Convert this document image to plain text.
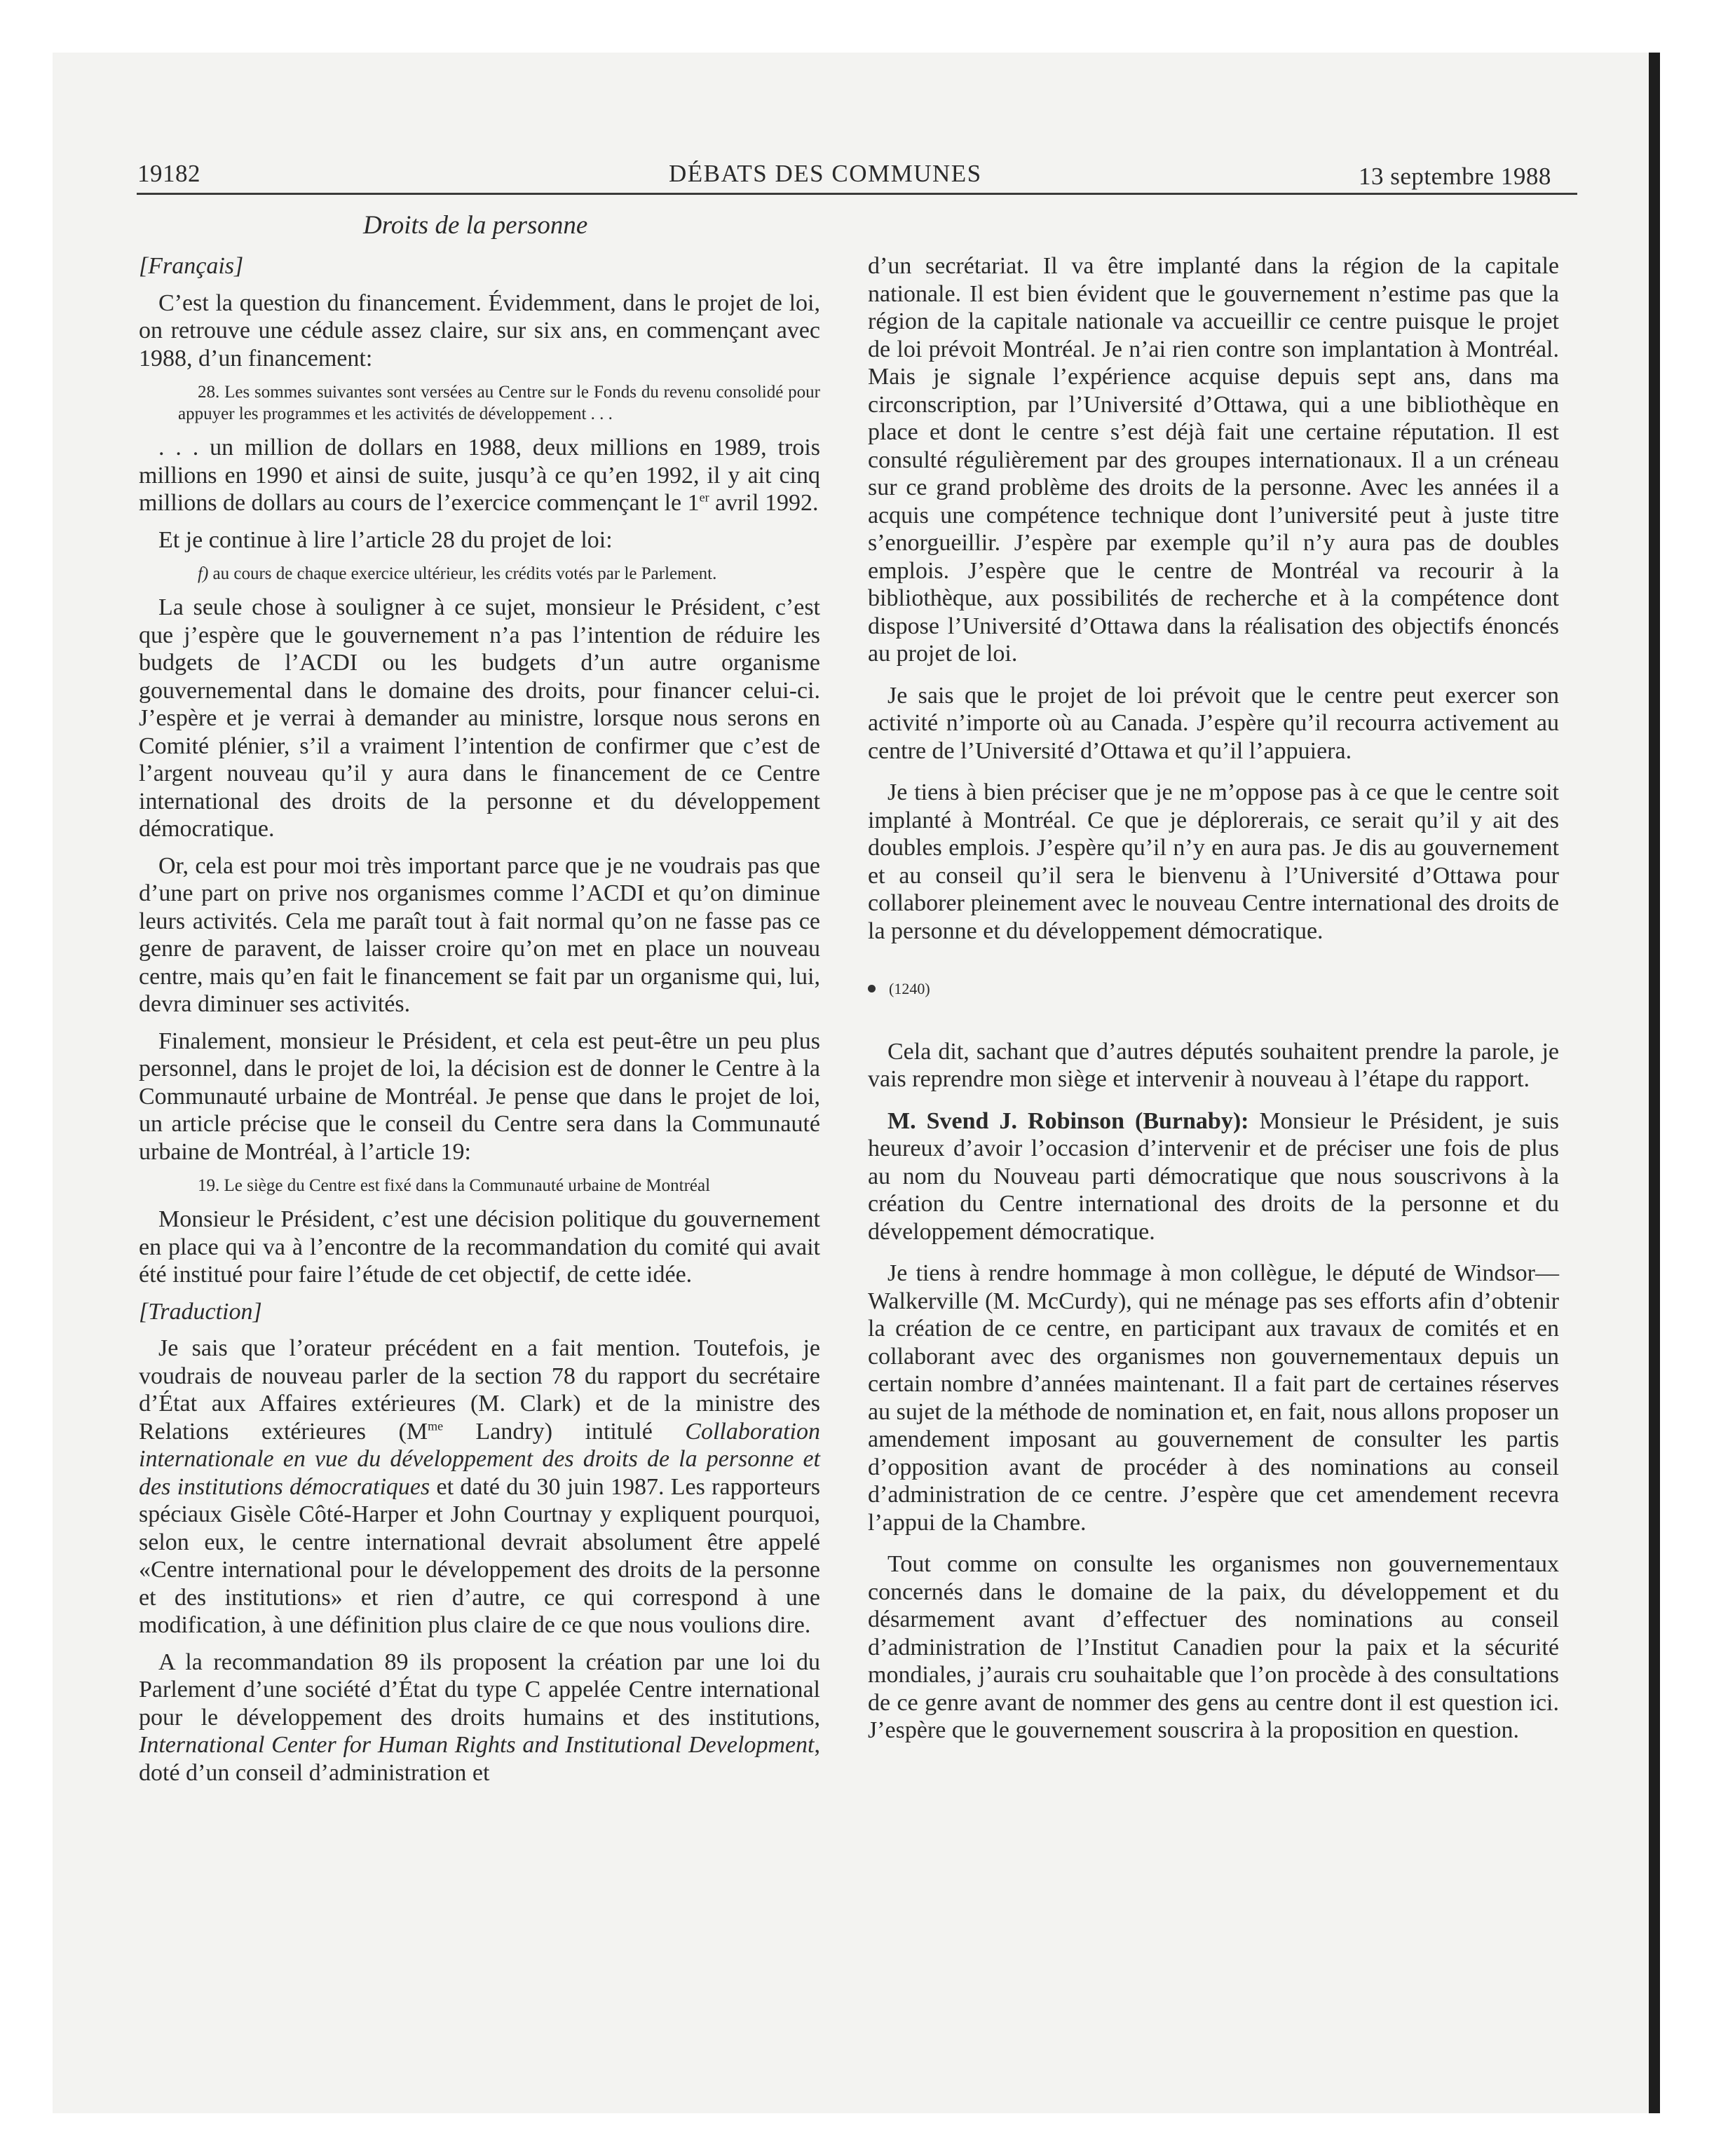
19182	DÉBATS DES COMMUNES	13 septembre 1988
Droits de la personne

[Français]

C’est la question du financement. Évidemment, dans le projet de loi, on retrouve une cédule assez claire, sur six ans, en commençant avec 1988, d’un financement:

28. Les sommes suivantes sont versées au Centre sur le Fonds du revenu consolidé pour appuyer les programmes et les activités de développement . . .

. . . un million de dollars en 1988, deux millions en 1989, trois millions en 1990 et ainsi de suite, jusqu’à ce qu’en 1992, il y ait cinq millions de dollars au cours de l’exercice commençant le 1er avril 1992.

Et je continue à lire l’article 28 du projet de loi:

f) au cours de chaque exercice ultérieur, les crédits votés par le Parlement.

La seule chose à souligner à ce sujet, monsieur le Président, c’est que j’espère que le gouvernement n’a pas l’intention de réduire les budgets de l’ACDI ou les budgets d’un autre organisme gouvernemental dans le domaine des droits, pour financer celui-ci. J’espère et je verrai à demander au ministre, lorsque nous serons en Comité plénier, s’il a vraiment l’intention de confirmer que c’est de l’argent nouveau qu’il y aura dans le financement de ce Centre international des droits de la personne et du développement démocratique.

Or, cela est pour moi très important parce que je ne voudrais pas que d’une part on prive nos organismes comme l’ACDI et qu’on diminue leurs activités. Cela me paraît tout à fait normal qu’on ne fasse pas ce genre de paravent, de laisser croire qu’on met en place un nouveau centre, mais qu’en fait le financement se fait par un organisme qui, lui, devra diminuer ses activités.

Finalement, monsieur le Président, et cela est peut-être un peu plus personnel, dans le projet de loi, la décision est de donner le Centre à la Communauté urbaine de Montréal. Je pense que dans le projet de loi, un article précise que le conseil du Centre sera dans la Communauté urbaine de Montréal, à l’article 19:

19. Le siège du Centre est fixé dans la Communauté urbaine de Montréal

Monsieur le Président, c’est une décision politique du gouvernement en place qui va à l’encontre de la recommandation du comité qui avait été institué pour faire l’étude de cet objectif, de cette idée.

[Traduction]

Je sais que l’orateur précédent en a fait mention. Toutefois, je voudrais de nouveau parler de la section 78 du rapport du secrétaire d’État aux Affaires extérieures (M. Clark) et de la ministre des Relations extérieures ($M^{me}$ Landry) intitulé Collaboration internationale en vue du développement des droits de la personne et des institutions démocratiques et daté du 30 juin 1987. Les rapporteurs spéciaux Gisèle Côté-Harper et John Courtnay y expliquent pourquoi, selon eux, le centre international devrait absolument être appelé «Centre international pour le développement des droits de la personne et des institutions» et rien d’autre, ce qui correspond à une modification, à une définition plus claire de ce que nous voulions dire.

A la recommandation 89 ils proposent la création par une loi du Parlement d’une société d’État du type C appelée Centre international pour le développement des droits humains et des institutions, International Center for Human Rights and Institutional Development, doté d’un conseil d’administration et

d’un secrétariat. Il va être implanté dans la région de la capitale nationale. Il est bien évident que le gouvernement n’estime pas que la région de la capitale nationale va accueillir ce centre puisque le projet de loi prévoit Montréal. Je n’ai rien contre son implantation à Montréal. Mais je signale l’expérience acquise depuis sept ans, dans ma circonscription, par l’Université d’Ottawa, qui a une bibliothèque en place et dont le centre s’est déjà fait une certaine réputation. Il est consulté régulièrement par des groupes internationaux. Il a un créneau sur ce grand problème des droits de la personne. Avec les années il a acquis une compétence technique dont l’université peut à juste titre s’enorgueillir. J’espère par exemple qu’il n’y aura pas de doubles emplois. J’espère que le centre de Montréal va recourir à la bibliothèque, aux possibilités de recherche et à la compétence dont dispose l’Université d’Ottawa dans la réalisation des objectifs énoncés au projet de loi.

Je sais que le projet de loi prévoit que le centre peut exercer son activité n’importe où au Canada. J’espère qu’il recourra activement au centre de l’Université d’Ottawa et qu’il l’appuiera.

Je tiens à bien préciser que je ne m’oppose pas à ce que le centre soit implanté à Montréal. Ce que je déplorerais, ce serait qu’il y ait des doubles emplois. J’espère qu’il n’y en aura pas. Je dis au gouvernement et au conseil qu’il sera le bienvenu à l’Université d’Ottawa pour collaborer pleinement avec le nouveau Centre international des droits de la personne et du développement démocratique.

(1240)

Cela dit, sachant que d’autres députés souhaitent prendre la parole, je vais reprendre mon siège et intervenir à nouveau à l’étape du rapport.

M. Svend J. Robinson (Burnaby): Monsieur le Président, je suis heureux d’avoir l’occasion d’intervenir et de préciser une fois de plus au nom du Nouveau parti démocratique que nous souscrivons à la création du Centre international des droits de la personne et du développement démocratique.

Je tiens à rendre hommage à mon collègue, le député de Windsor—Walkerville (M. McCurdy), qui ne ménage pas ses efforts afin d’obtenir la création de ce centre, en participant aux travaux de comités et en collaborant avec des organismes non gouvernementaux depuis un certain nombre d’années maintenant. Il a fait part de certaines réserves au sujet de la méthode de nomination et, en fait, nous allons proposer un amendement imposant au gouvernement de consulter les partis d’opposition avant de procéder à des nominations au conseil d’administration de ce centre. J’espère que cet amendement recevra l’appui de la Chambre.

Tout comme on consulte les organismes non gouvernementaux concernés dans le domaine de la paix, du développement et du désarmement avant d’effectuer des nominations au conseil d’administration de l’Institut Canadien pour la paix et la sécurité mondiales, j’aurais cru souhaitable que l’on procède à des consultations de ce genre avant de nommer des gens au centre dont il est question ici. J’espère que le gouvernement souscrira à la proposition en question.
